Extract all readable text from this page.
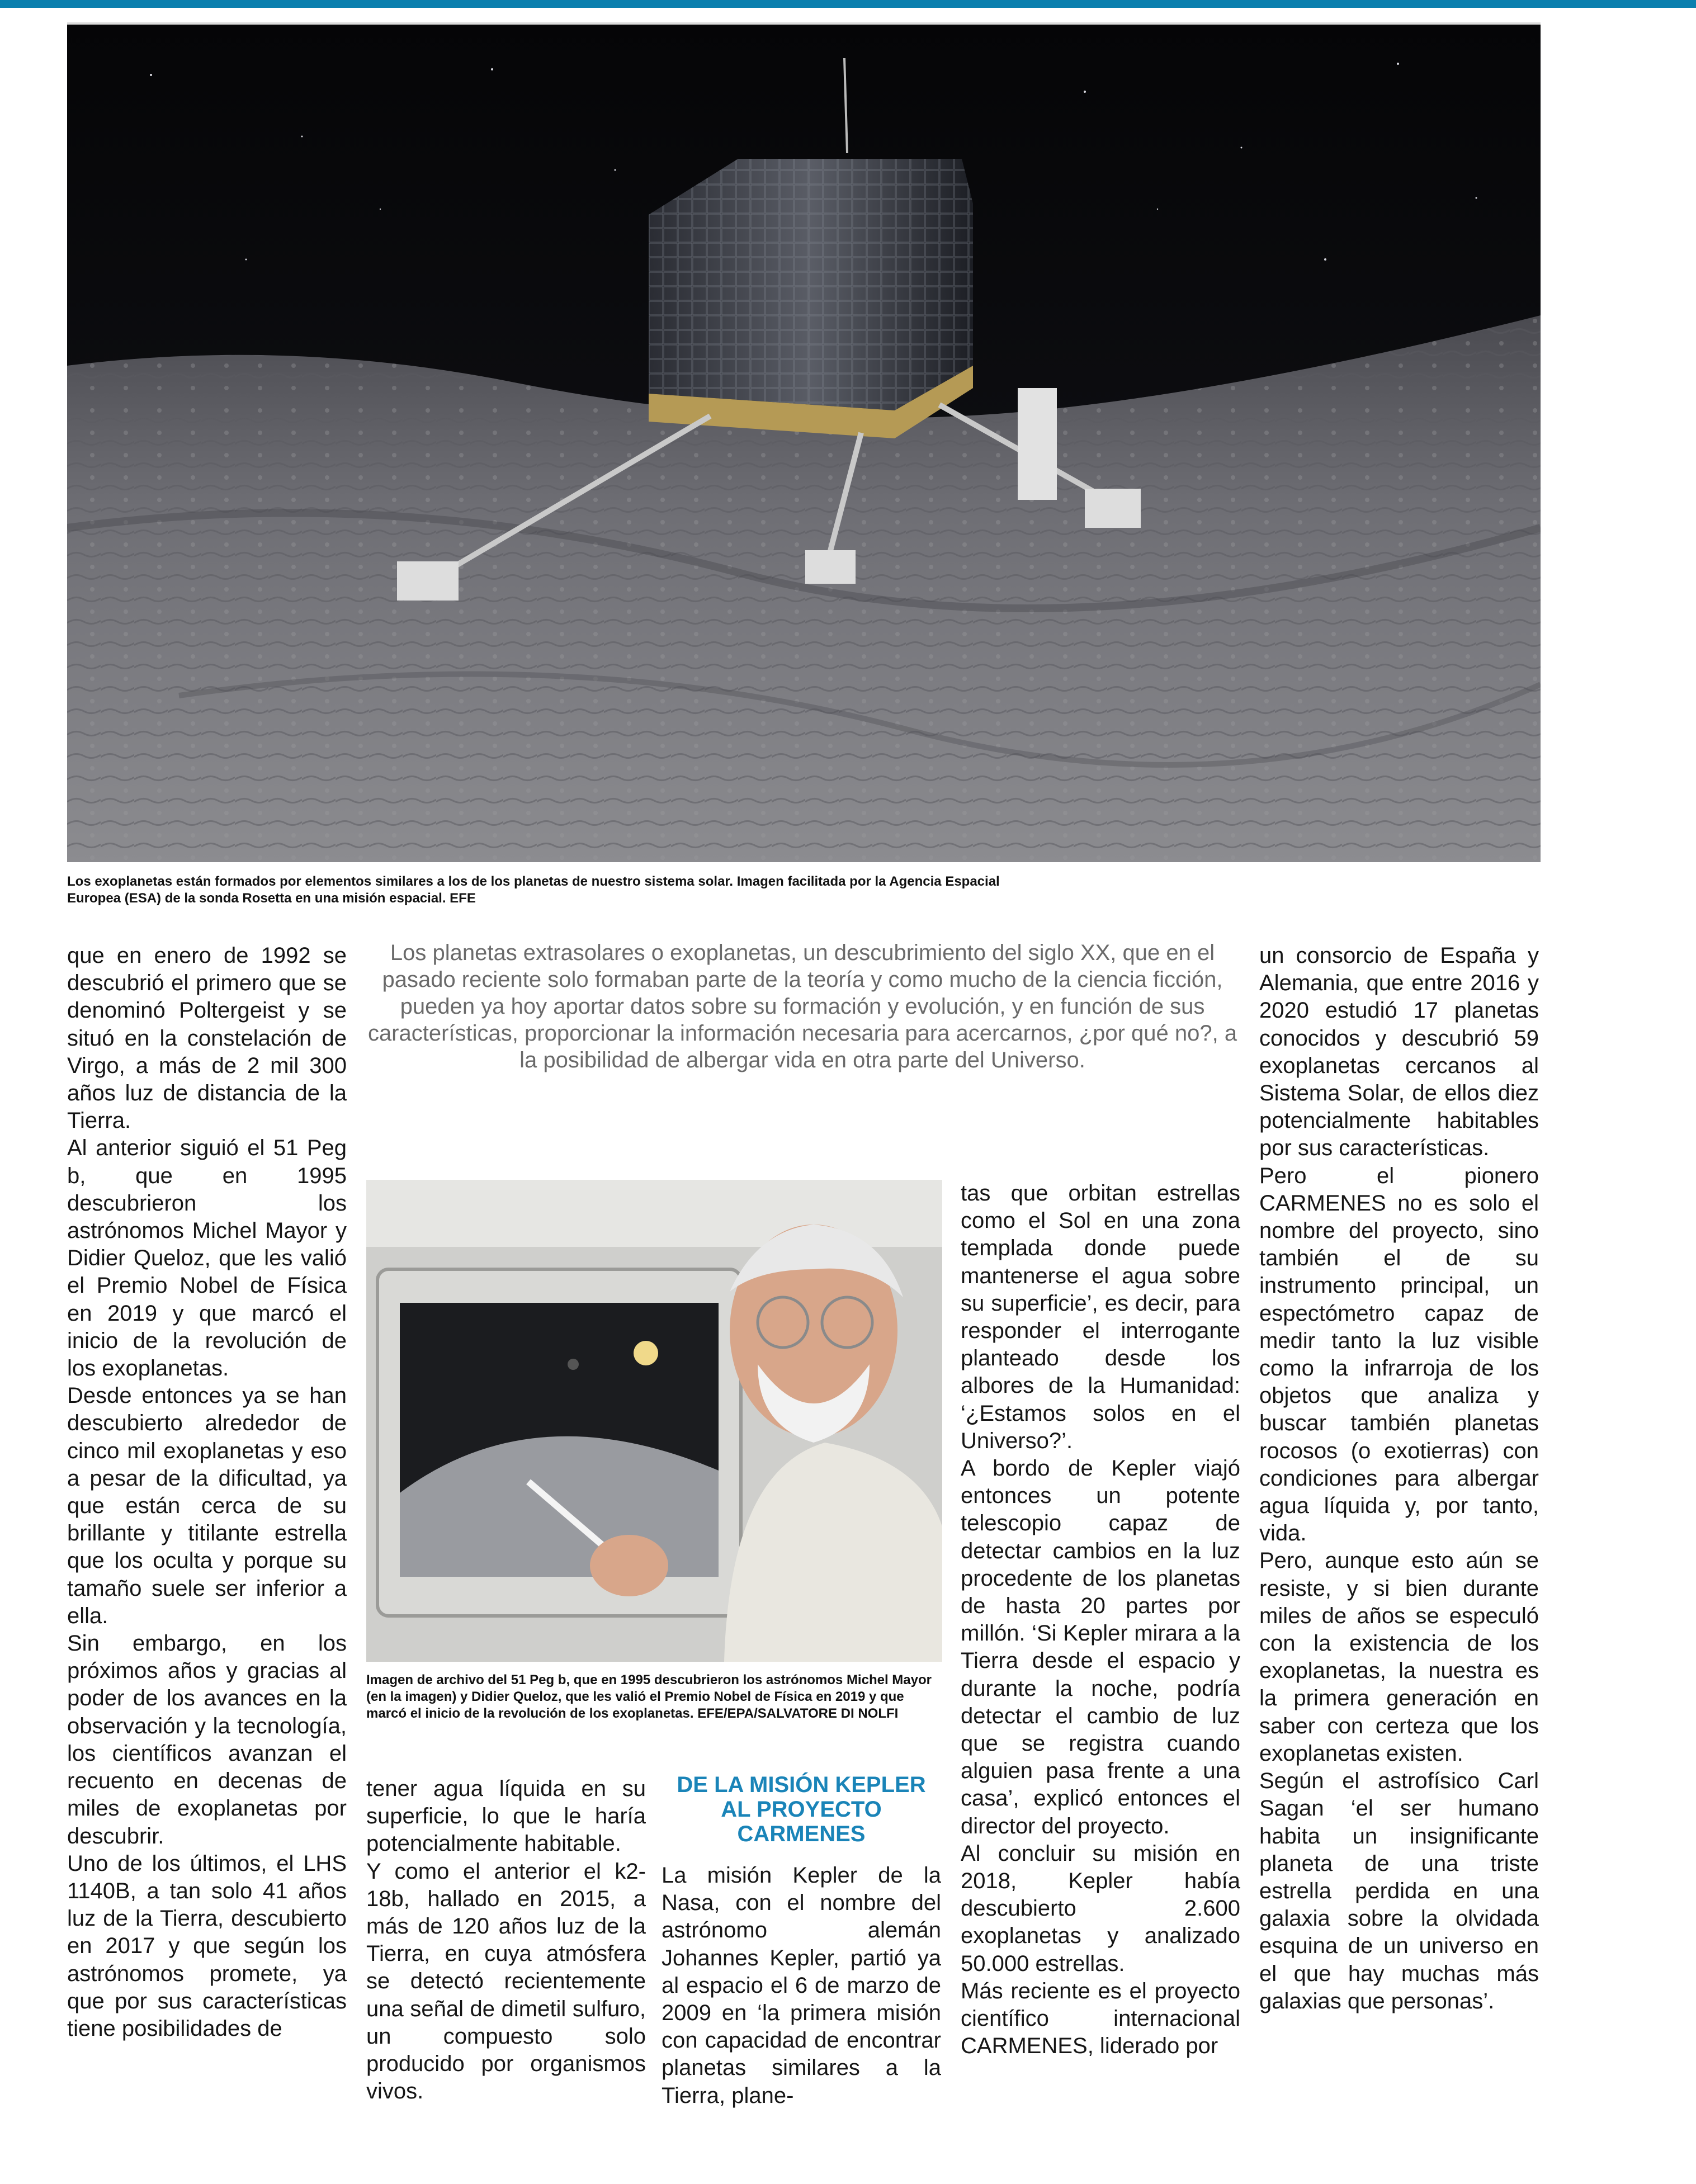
Los exoplanetas están formados por elementos similares a los de los planetas de nuestro sistema solar. Imagen facilitada por la Agencia Espacial Europea (ESA) de la sonda Rosetta en una misión espacial. EFE

Los planetas extrasolares o exoplanetas, un descubrimiento del siglo XX, que en el pasado reciente solo formaban parte de la teoría y como mucho de la ciencia ficción, pueden ya hoy aportar datos sobre su formación y evolución, y en función de sus características, proporcionar la información necesaria para acercarnos, ¿por qué no?, a la posibilidad de albergar vida en otra parte del Universo.

que en enero de 1992 se descubrió el primero que se denominó Poltergeist y se situó en la constelación de Virgo, a más de 2 mil 300 años luz de distancia de la Tierra.

Al anterior siguió el 51 Peg b, que en 1995 descubrieron los astrónomos Michel Mayor y Didier Queloz, que les valió el Premio Nobel de Física en 2019 y que marcó el inicio de la revolución de los exoplanetas.

Desde entonces ya se han descubierto alrededor de cinco mil exoplanetas y eso a pesar de la dificultad, ya que están cerca de su brillante y titilante estrella que los oculta y porque su tamaño suele ser inferior a ella.

Sin embargo, en los próximos años y gracias al poder de los avances en la observación y la tecnología, los científicos avanzan el recuento en decenas de miles de exoplanetas por descubrir.

Uno de los últimos, el LHS 1140B, a tan solo 41 años luz de la Tierra, descubierto en 2017 y que según los astrónomos promete, ya que por sus características tiene posibilidades de

Imagen de archivo del 51 Peg b, que en 1995 descubrieron los astrónomos Michel Mayor (en la imagen) y Didier Queloz, que les valió el Premio Nobel de Física en 2019 y que marcó el inicio de la revolución de los exoplanetas. EFE/EPA/SALVATORE DI NOLFI

tener agua líquida en su superficie, lo que le haría potencialmente habitable.

Y como el anterior el k2-18b, hallado en 2015, a más de 120 años luz de la Tierra, en cuya atmósfera se detectó recientemente una señal de dimetil sulfuro, un compuesto solo producido por organismos vivos.

DE LA MISIÓN KEPLER AL PROYECTO CARMENES

La misión Kepler de la Nasa, con el nombre del astrónomo alemán Johannes Kepler, partió ya al espacio el 6 de marzo de 2009 en ‘la primera misión con capacidad de encontrar planetas similares a la Tierra, plane-

tas que orbitan estrellas como el Sol en una zona templada donde puede mantenerse el agua sobre su superficie’, es decir, para responder el interrogante planteado desde los albores de la Humanidad: ‘¿Estamos solos en el Universo?’.

A bordo de Kepler viajó entonces un potente telescopio capaz de detectar cambios en la luz procedente de los planetas de hasta 20 partes por millón. ‘Si Kepler mirara a la Tierra desde el espacio y durante la noche, podría detectar el cambio de luz que se registra cuando alguien pasa frente a una casa’, explicó entonces el director del proyecto.

Al concluir su misión en 2018, Kepler había descubierto 2.600 exoplanetas y analizado 50.000 estrellas.

Más reciente es el proyecto científico internacional CARMENES, liderado por

un consorcio de España y Alemania, que entre 2016 y 2020 estudió 17 planetas conocidos y descubrió 59 exoplanetas cercanos al Sistema Solar, de ellos diez potencialmente habitables por sus características.

Pero el pionero CARMENES no es solo el nombre del proyecto, sino también el de su instrumento principal, un espectómetro capaz de medir tanto la luz visible como la infrarroja de los objetos que analiza y buscar también planetas rocosos (o exotierras) con condiciones para albergar agua líquida y, por tanto, vida.

Pero, aunque esto aún se resiste, y si bien durante miles de años se especuló con la existencia de los exoplanetas, la nuestra es la primera generación en saber con certeza que los exoplanetas existen.

Según el astrofísico Carl Sagan ‘el ser humano habita un insignificante planeta de una triste estrella perdida en una galaxia sobre la olvidada esquina de un universo en el que hay muchas más galaxias que personas’.
